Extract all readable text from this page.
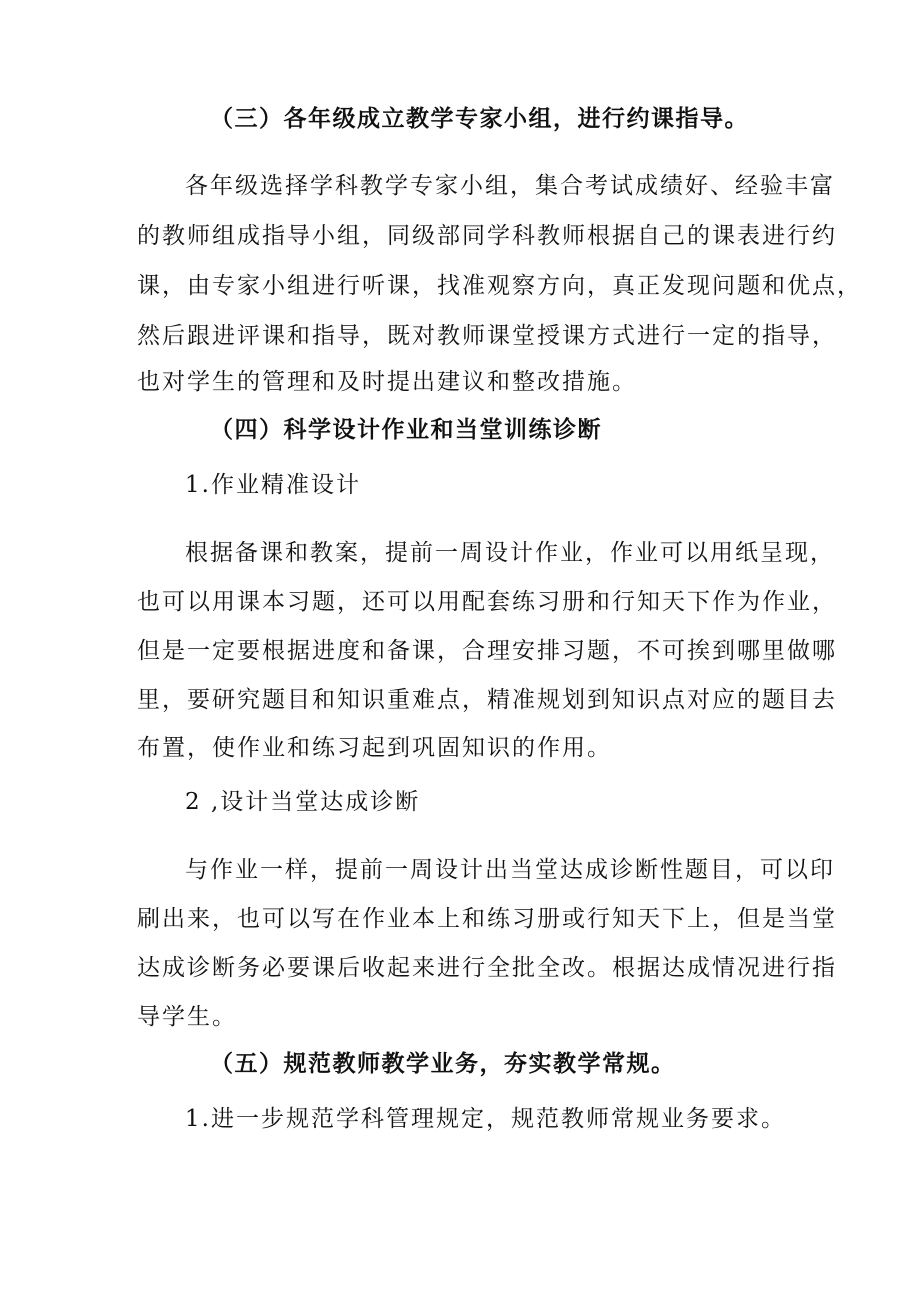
（三）各年级成立教学专家小组，进行约课指导。
各年级选择学科教学专家小组，集合考试成绩好、经验丰富
的教师组成指导小组，同级部同学科教师根据自己的课表进行约
课，由专家小组进行听课，找准观察方向，真正发现问题和优点，
然后跟进评课和指导，既对教师课堂授课方式进行一定的指导，
也对学生的管理和及时提出建议和整改措施。
（四）科学设计作业和当堂训练诊断
1.作业精准设计
根据备课和教案，提前一周设计作业，作业可以用纸呈现，
也可以用课本习题，还可以用配套练习册和行知天下作为作业，
但是一定要根据进度和备课，合理安排习题，不可挨到哪里做哪
里，要研究题目和知识重难点，精准规划到知识点对应的题目去
布置，使作业和练习起到巩固知识的作用。
2 ,设计当堂达成诊断
与作业一样，提前一周设计出当堂达成诊断性题目，可以印
刷出来，也可以写在作业本上和练习册或行知天下上，但是当堂
达成诊断务必要课后收起来进行全批全改。根据达成情况进行指
导学生。
（五）规范教师教学业务，夯实教学常规。
1.进一步规范学科管理规定，规范教师常规业务要求。
